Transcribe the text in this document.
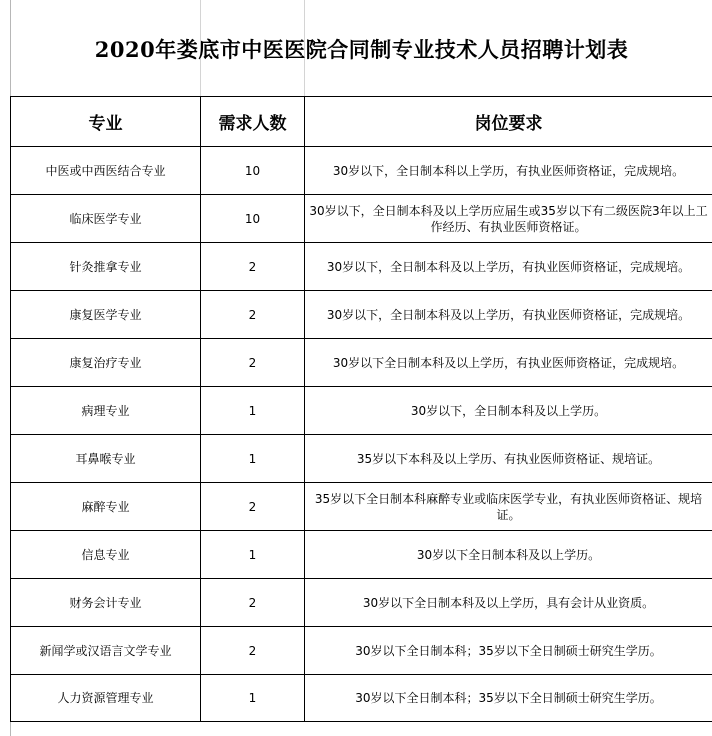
2020年娄底市中医医院合同制专业技术人员招聘计划表
专业	需求人数	岗位要求
中医或中西医结合专业	10	30岁以下，全日制本科以上学历，有执业医师资格证，完成规培。
临床医学专业	10	30岁以下，全日制本科及以上学历应届生或35岁以下有二级医院3年以上工作经历、有执业医师资格证。
针灸推拿专业	2	30岁以下，全日制本科及以上学历，有执业医师资格证，完成规培。
康复医学专业	2	30岁以下，全日制本科及以上学历，有执业医师资格证，完成规培。
康复治疗专业	2	30岁以下全日制本科及以上学历，有执业医师资格证，完成规培。
病理专业	1	30岁以下，全日制本科及以上学历。
耳鼻喉专业	1	35岁以下本科及以上学历、有执业医师资格证、规培证。
麻醉专业	2	35岁以下全日制本科麻醉专业或临床医学专业，有执业医师资格证、规培证。
信息专业	1	30岁以下全日制本科及以上学历。
财务会计专业	2	30岁以下全日制本科及以上学历，具有会计从业资质。
新闻学或汉语言文学专业	2	30岁以下全日制本科；35岁以下全日制硕士研究生学历。
人力资源管理专业	1	30岁以下全日制本科；35岁以下全日制硕士研究生学历。
